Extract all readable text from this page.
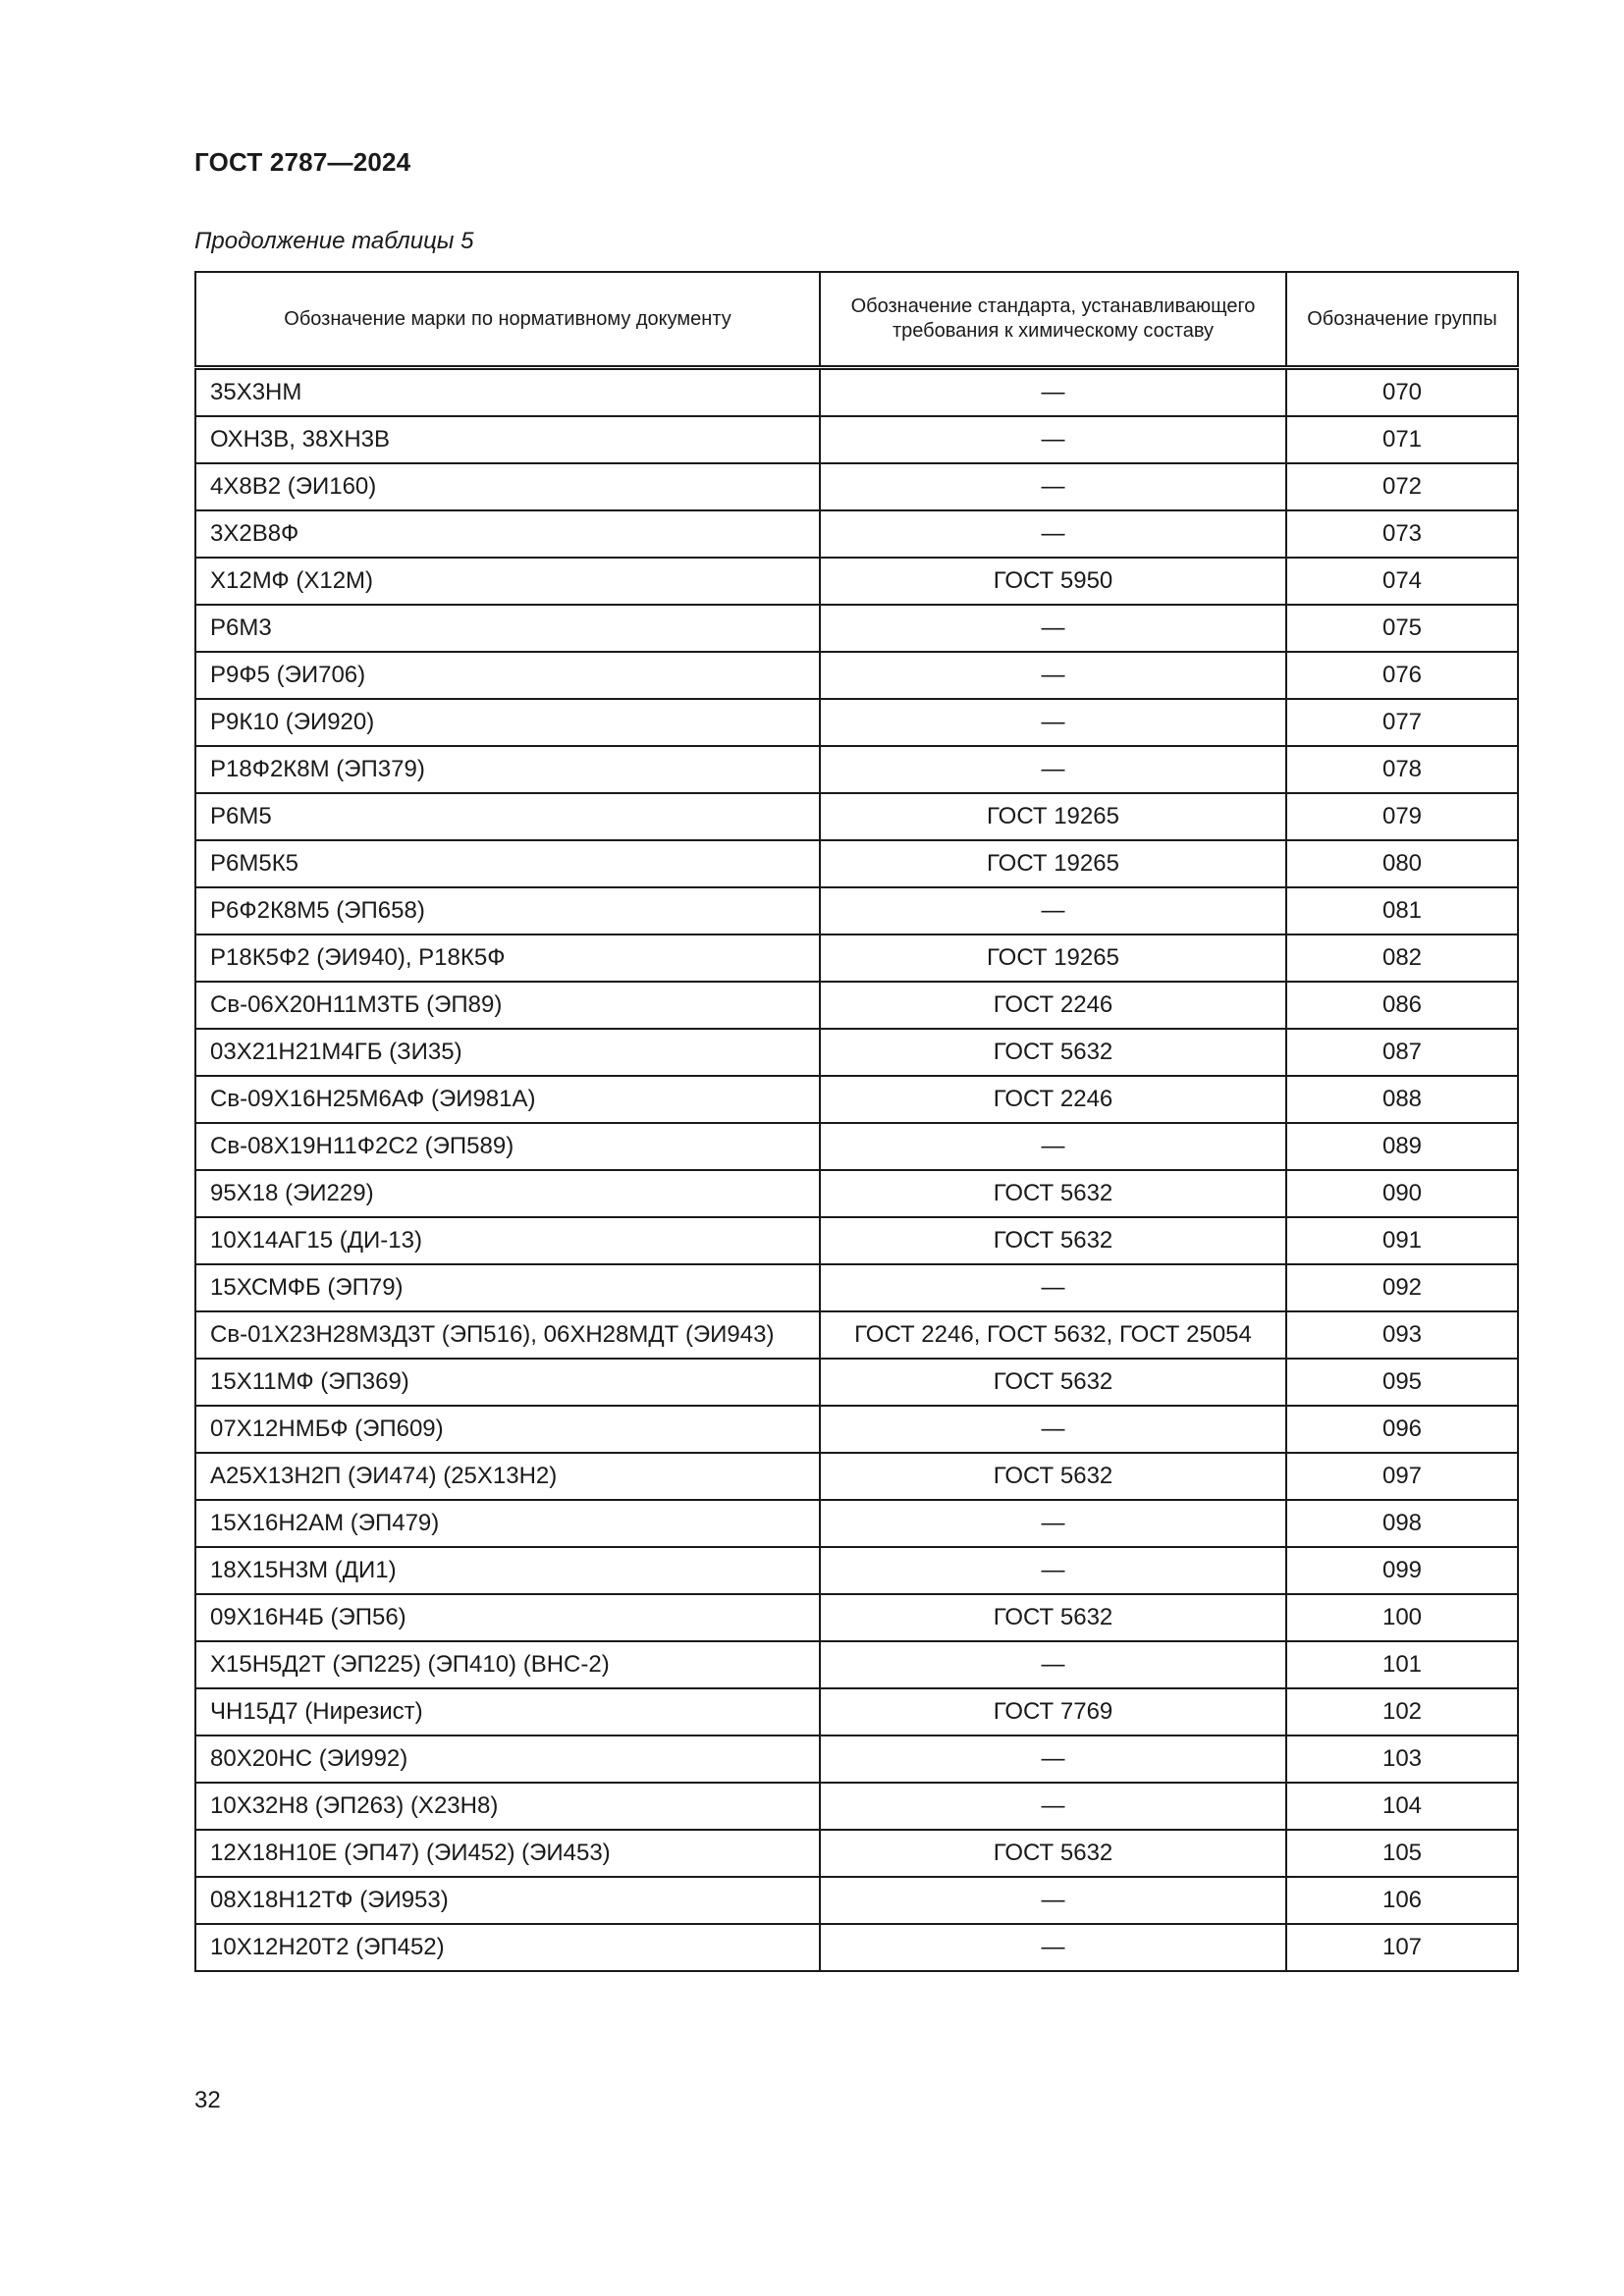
ГОСТ 2787—2024
Продолжение таблицы 5
Обозначение марки по нормативному документу	Обозначение стандарта, устанавливающего требования к химическому составу	Обозначение группы
35Х3НМ	—	070
ОХН3В, 38ХН3В	—	071
4Х8В2 (ЭИ160)	—	072
3Х2В8Ф	—	073
Х12МФ (Х12М)	ГОСТ 5950	074
Р6М3	—	075
Р9Ф5 (ЭИ706)	—	076
Р9К10 (ЭИ920)	—	077
Р18Ф2К8М (ЭП379)	—	078
Р6М5	ГОСТ 19265	079
Р6М5К5	ГОСТ 19265	080
Р6Ф2К8М5 (ЭП658)	—	081
Р18К5Ф2 (ЭИ940), Р18К5Ф	ГОСТ 19265	082
Св-06Х20Н11М3ТБ (ЭП89)	ГОСТ 2246	086
03Х21Н21М4ГБ (ЗИ35)	ГОСТ 5632	087
Св-09Х16Н25М6АФ (ЭИ981А)	ГОСТ 2246	088
Св-08Х19Н11Ф2С2 (ЭП589)	—	089
95Х18 (ЭИ229)	ГОСТ 5632	090
10Х14АГ15 (ДИ-13)	ГОСТ 5632	091
15ХСМФБ (ЭП79)	—	092
Св-01Х23Н28М3Д3Т (ЭП516), 06ХН28МДТ (ЭИ943)	ГОСТ 2246, ГОСТ 5632, ГОСТ 25054	093
15Х11МФ (ЭП369)	ГОСТ 5632	095
07Х12НМБФ (ЭП609)	—	096
А25Х13Н2П (ЭИ474) (25Х13Н2)	ГОСТ 5632	097
15Х16Н2АМ (ЭП479)	—	098
18Х15Н3М (ДИ1)	—	099
09Х16Н4Б (ЭП56)	ГОСТ 5632	100
Х15Н5Д2Т (ЭП225) (ЭП410) (ВНС-2)	—	101
ЧН15Д7 (Нирезист)	ГОСТ 7769	102
80Х20НС (ЭИ992)	—	103
10Х32Н8 (ЭП263) (Х23Н8)	—	104
12Х18Н10Е (ЭП47) (ЭИ452) (ЭИ453)	ГОСТ 5632	105
08Х18Н12ТФ (ЭИ953)	—	106
10Х12Н20Т2 (ЭП452)	—	107
32
